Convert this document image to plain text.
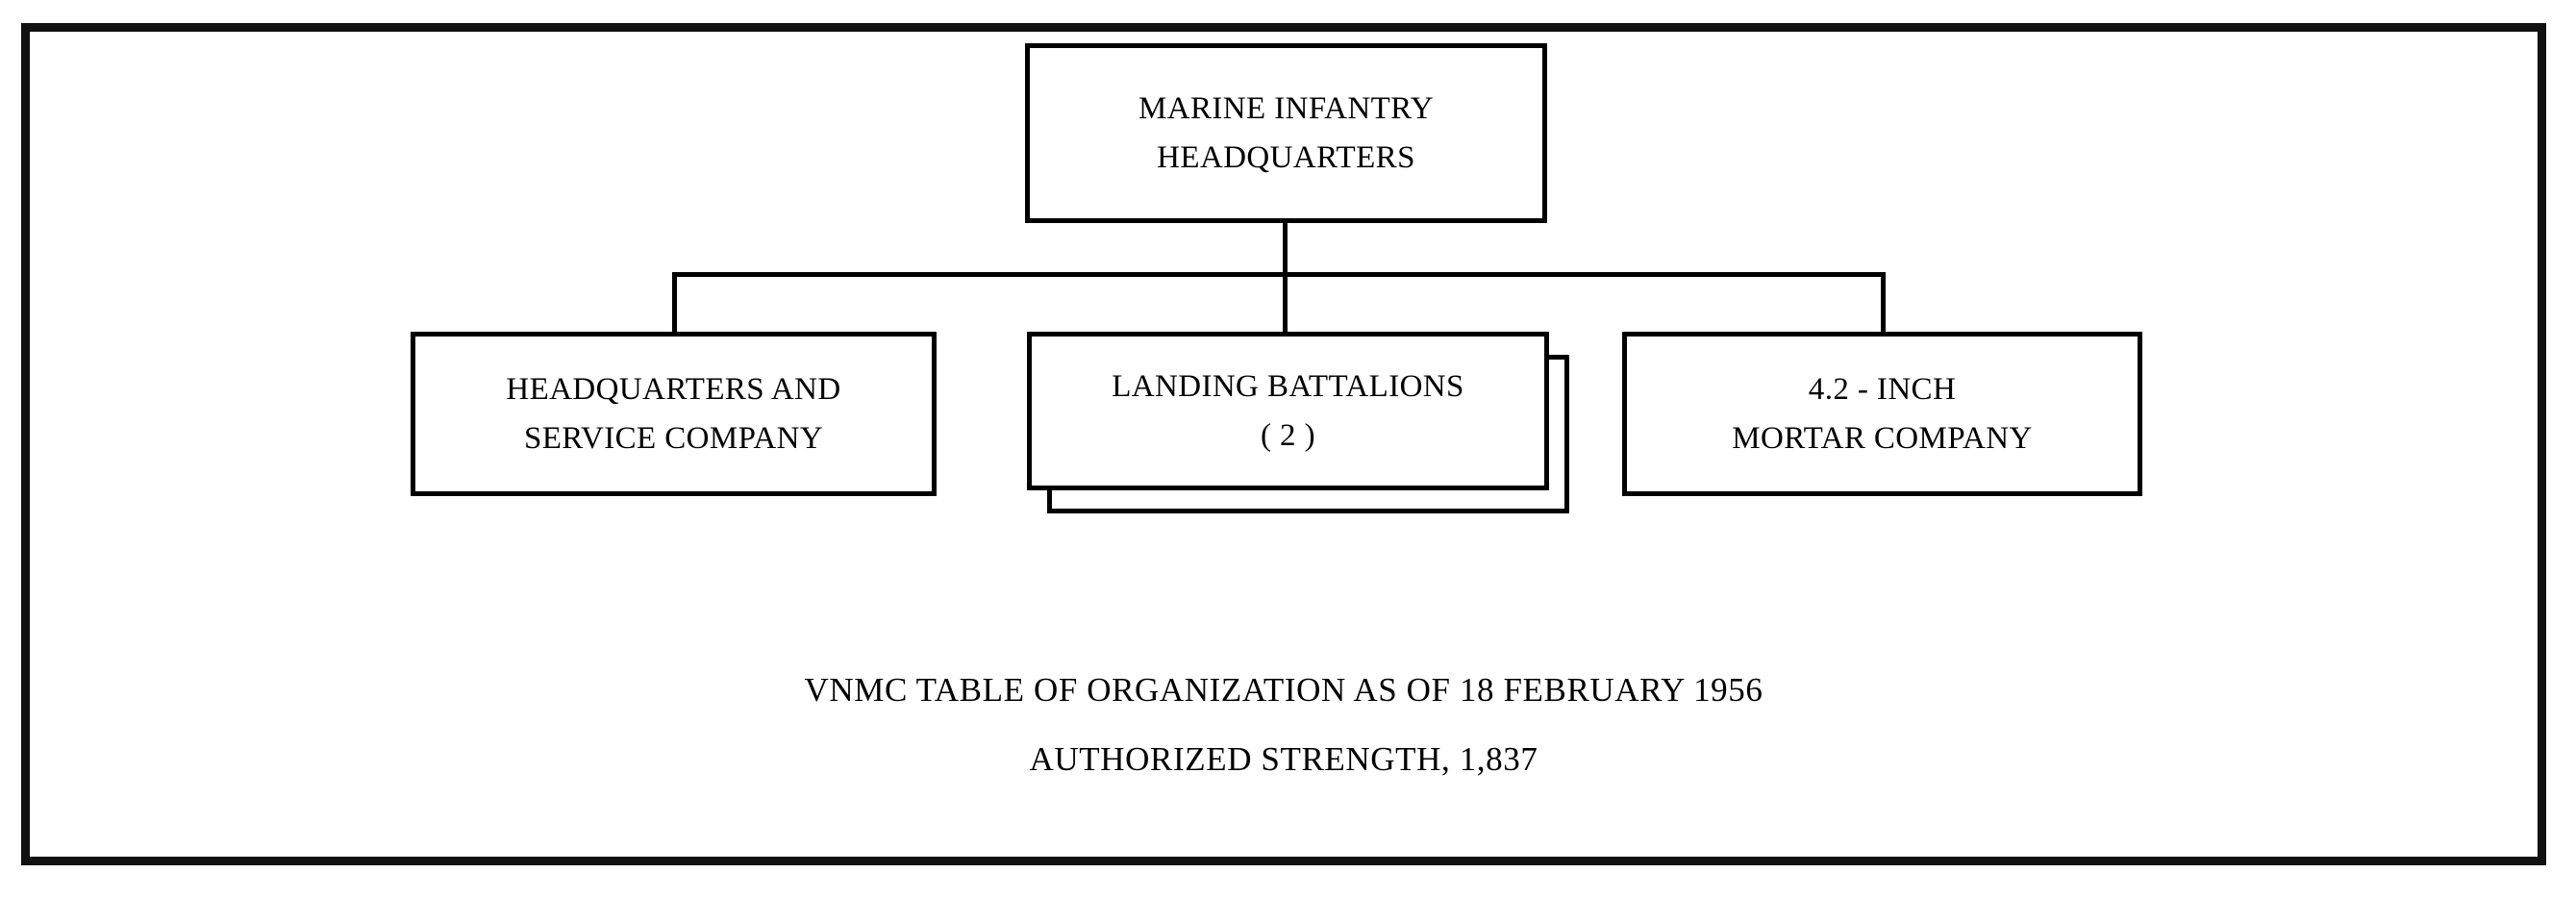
MARINE INFANTRY
HEADQUARTERS
HEADQUARTERS AND
SERVICE COMPANY
LANDING BATTALIONS
( 2 )
4.2 - INCH
MORTAR COMPANY
VNMC TABLE OF ORGANIZATION AS OF 18 FEBRUARY 1956
AUTHORIZED STRENGTH, 1,837
